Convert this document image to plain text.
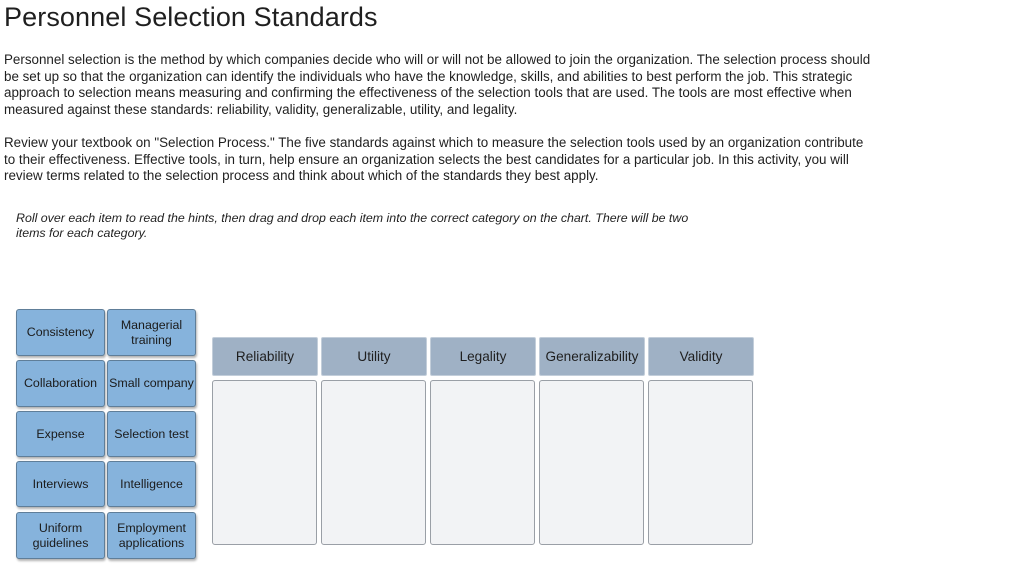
Personnel Selection Standards

Personnel selection is the method by which companies decide who will or will not be allowed to join the organization. The selection process should be set up so that the organization can identify the individuals who have the knowledge, skills, and abilities to best perform the job. This strategic approach to selection means measuring and confirming the effectiveness of the selection tools that are used. The tools are most effective when measured against these standards: reliability, validity, generalizable, utility, and legality.

Review your textbook on "Selection Process." The five standards against which to measure the selection tools used by an organization contribute to their effectiveness. Effective tools, in turn, help ensure an organization selects the best candidates for a particular job. In this activity, you will review terms related to the selection process and think about which of the standards they best apply.

Roll over each item to read the hints, then drag and drop each item into the correct category on the chart. There will be two items for each category.

Consistency
Managerial training
Collaboration Small company
Expense	Selection test
Interviews	Intelligence
Uniform guidelines
Employment applications
Reliability	Utility	Legality	Generalizability	Validity
